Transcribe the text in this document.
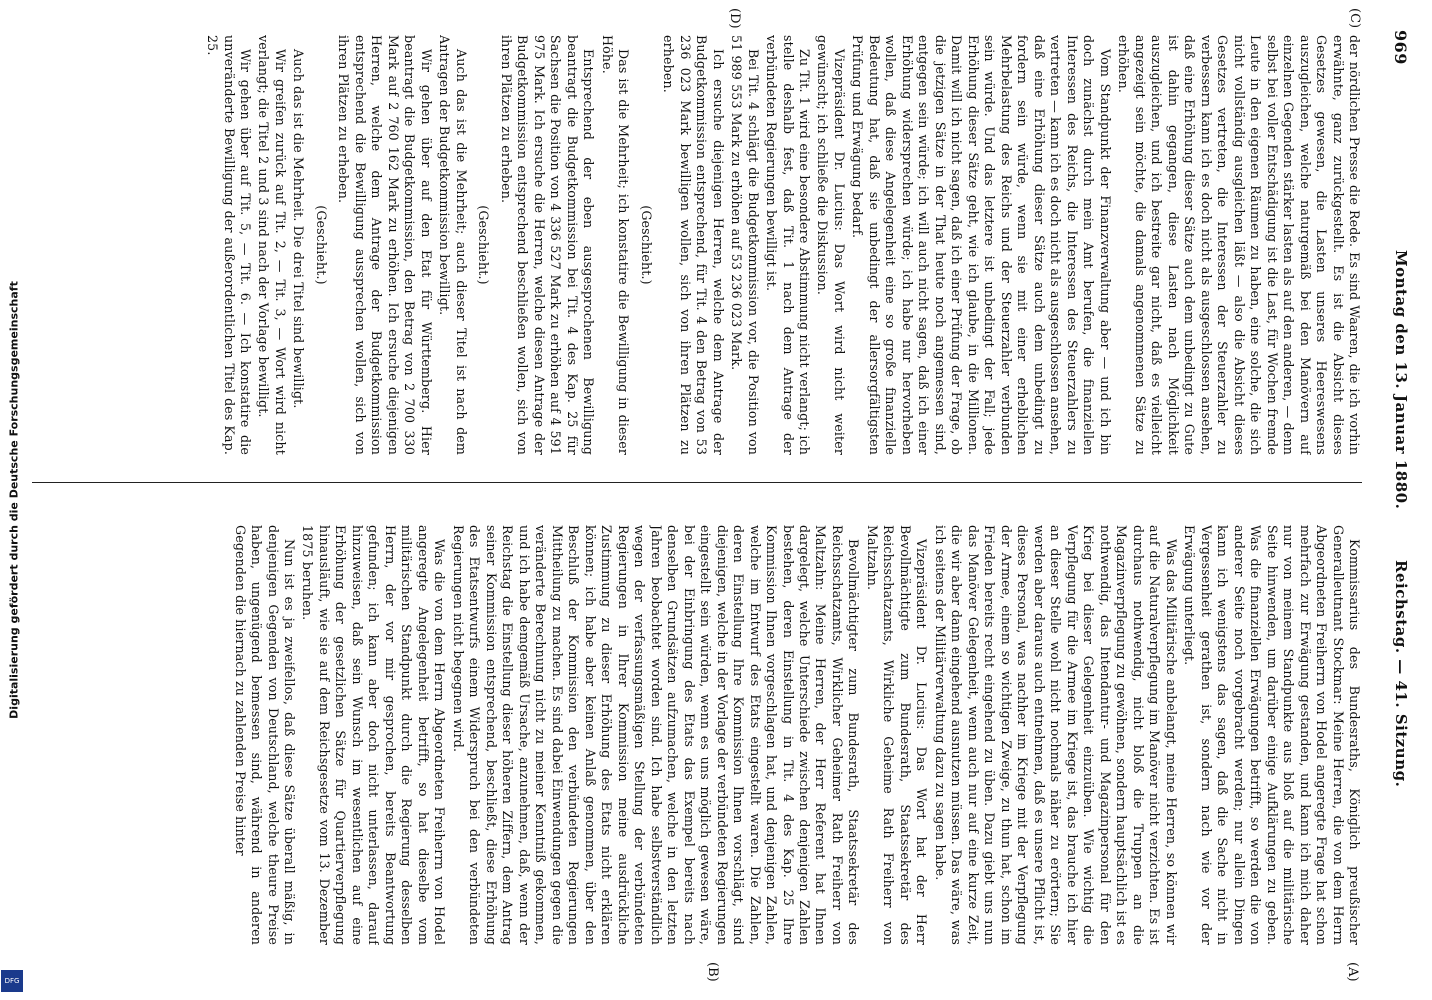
969
Montag den 13. Januar 1880.
Reichstag. — 41. Sitzung.
(C)
(D)
(A)
(B)

der nördlichen Presse die Rede. Es sind Waaren, die ich vorhin erwähnte, ganz zurückgestellt. Es ist die Absicht dieses Gesetzes gewesen, die Lasten unseres Heereswesens auszugleichen, welche naturgemäß bei den Manövern auf einzelnen Gegenden stärker lasten als auf den anderen, — denn selbst bei voller Entschädigung ist die Last, für Wochen fremde Leute in den eigenen Räumen zu haben, eine solche, die sich nicht vollständig ausgleichen läßt — also die Absicht dieses Gesetzes vertreten, die Interessen der Steuerzahler zu verbessern kann ich es doch nicht als ausgeschlossen ansehen, daß eine Erhöhung dieser Sätze auch dem unbedingt zu Gute ist dahin gegangen, diese Lasten nach Möglichkeit auszugleichen, und ich bestreite gar nicht, daß es vielleicht angezeigt sein möchte, die damals angenommenen Sätze zu erhöhen.

Vom Standpunkt der Finanzverwaltung aber — und ich bin doch zunächst durch mein Amt berufen, die finanziellen Interessen des Reichs, die Interessen des Steuerzahlers zu vertreten — kann ich es doch nicht als ausgeschlossen ansehen, daß eine Erhöhung dieser Sätze auch dem unbedingt zu fordern sein würde, wenn sie mit einer erheblichen Mehrbelastung des Reichs und der Steuerzahler verbunden sein würde. Und das letztere ist unbedingt der Fall; jede Erhöhung dieser Sätze geht, wie ich glaube, in die Millionen. Damit will ich nicht sagen, daß ich einer Prüfung der Frage, ob die jetzigen Sätze in der That heute noch angemessen sind, entgegen sein würde; ich will auch nicht sagen, daß ich einer Erhöhung widersprechen würde; ich habe nur hervorheben wollen, daß diese Angelegenheit eine so große finanzielle Bedeutung hat, daß sie unbedingt der allersorgfältigsten Prüfung und Erwägung bedarf.

Vizepräsident Dr. Lucius: Das Wort wird nicht weiter gewünscht; ich schließe die Diskussion.

Zu Tit. 1 wird eine besondere Abstimmung nicht verlangt; ich stelle deshalb fest, daß Tit. 1 nach dem Antrage der verbündeten Regierungen bewilligt ist.

Bei Tit. 4 schlägt die Budgetkommission vor, die Position von 51 989 553 Mark zu erhöhen auf 53 236 023 Mark.

Ich ersuche diejenigen Herren, welche dem Antrage der Budgetkommission entsprechend, für Tit. 4 den Betrag von 53 236 023 Mark bewilligen wollen, sich von ihren Plätzen zu erheben.

(Geschieht.)

Das ist die Mehrheit; ich konstatire die Bewilligung in dieser Höhe.

Entsprechend der eben ausgesprochenen Bewilligung beantragt die Budgetkommission bei Tit. 4 des Kap. 25 für Sachsen die Position von 4 336 527 Mark zu erhöhen auf 4 591 975 Mark. Ich ersuche die Herren, welche diesen Antrage der Budgetkommission entsprechend beschließen wollen, sich von ihren Plätzen zu erheben.

(Geschieht.)

Auch das ist die Mehrheit; auch dieser Titel ist nach dem Antragen der Budgetkommission bewilligt.

Wir gehen über auf den Etat für Württemberg. Hier beantragt die Budgetkommission, den Betrag von 2 700 330 Mark auf 2 760 162 Mark zu erhöhen. Ich ersuche diejenigen Herren, welche dem Antrage der Budgetkommission entsprechend die Bewilligung aussprechen wollen, sich von ihren Plätzen zu erheben.

(Geschieht.)

Auch das ist die Mehrheit. Die drei Titel sind bewilligt.

Wir greifen zurück auf Tit. 2, — Tit. 3, — Wort wird nicht verlangt; die Titel 2 und 3 sind nach der Vorlage bewilligt.

Wir gehen über auf Tit. 5, — Tit. 6. — Ich konstatire die unveränderte Bewilligung der außerordentlichen Titel des Kap. 25.

Kommissarius des Bundesraths, Königlich preußischer Generalleutnant Stockmar: Meine Herren, die von dem Herrn Abgeordneten Freiherrn von Hodel angeregte Frage hat schon mehrfach zur Erwägung gestanden, und kann ich mich daher nur von meinem Standpunkte aus bloß auf die militärische Seite hinwenden, um darüber einige Aufklärungen zu geben. Was die finanziellen Erwägungen betrifft, so werden die von anderer Seite noch vorgebracht werden; nur allein Dingen kann ich wenigstens das sagen, daß die Sache nicht in Vergessenheit gerathen ist, sondern nach wie vor der Erwägung unterliegt.

Was das Militärische anbelangt, meine Herren, so können wir auf die Naturalverpflegung im Manöver nicht verzichten. Es ist durchaus nothwendig, nicht bloß die Truppen an die Magazinverpflegung zu gewöhnen, sondern hauptsächlich ist es nothwendig, das Intendantur- und Magazinpersonal für den Krieg bei dieser Gelegenheit einzuüben. Wie wichtig die Verpflegung für die Armee im Kriege ist, das brauche ich hier an dieser Stelle wohl nicht nochmals näher zu erörtern; Sie werden aber daraus auch entnehmen, daß es unsere Pflicht ist, dieses Personal, was nachher im Kriege mit der Verpflegung der Armee, einem so wichtigen Zweige, zu thun hat, schon im Frieden bereits recht eingehend zu üben. Dazu giebt uns nun das Manöver Gelegenheit, wenn auch nur auf eine kurze Zeit, die wir aber dann eingehend ausnutzen müssen. Das wäre, was ich seitens der Militärverwaltung dazu zu sagen habe.

Vizepräsident Dr. Lucius: Das Wort hat der Herr Bevollmächtigte zum Bundesrath, Staatssekretär des Reichsschatzamts, Wirkliche Geheime Rath Freiherr von Maltzahn.

Bevollmächtigter zum Bundesrath, Staatssekretär des Reichsschatzamts, Wirklicher Geheimer Rath Freiherr von Maltzahn: Meine Herren, der Herr Referent hat Ihnen dargelegt, welche Unterschiede zwischen denjenigen Zahlen bestehen, deren Einstellung in Tit. 4 des Kap. 25 Ihre Kommission Ihnen vorgeschlagen hat, und denjenigen Zahlen, welche im Entwurf des Etats eingestellt waren. Die Zahlen, deren Einstellung Ihre Kommission Ihnen vorschlägt, sind diejenigen, welche in der Vorlage der verbündeten Regierungen eingestellt sein würden, wenn es uns möglich gewesen wäre, bei der Einbringung des Etats das Exempel bereits nach denselben Grundsätzen aufzumachen, welche in den letzten Jahren beobachtet worden sind. Ich habe selbstverständlich wegen der verfassungsmäßigen Stellung der verbündeten Regierungen in Ihrer Kommission meine ausdrückliche Zustimmung zu dieser Erhöhung des Etats nicht erklären können; ich habe aber keinen Anlaß genommen, über den Beschluß der Kommission den verbündeten Regierungen Mittheilung zu machen. Es sind dabei Einwendungen gegen die veränderte Berechnung nicht zu meiner Kenntniß gekommen, und ich habe demgemäß Ursache, anzunehmen, daß, wenn der Reichstag die Einstellung dieser höheren Ziffern, dem Antrag seiner Kommission entsprechend, beschließt, diese Erhöhung des Etatsentwurfs einem Widerspruch bei den verbündeten Regierungen nicht begegnen wird.

Was die von dem Herrn Abgeordneten Freiherrn von Hodel angeregte Angelegenheit betrifft, so hat dieselbe vom militärischen Standpunkt durch die Regierung desselben Herrn, der vor mir gesprochen, bereits Beantwortung gefunden; ich kann aber doch nicht unterlassen, darauf hinzuweisen, daß sein Wunsch im wesentlichen auf eine Erhöhung der gesetzlichen Sätze für Quartierverpflegung hinausläuft, wie sie auf dem Reichsgesetze vom 13. Dezember 1875 beruhen.

Nun ist es ja zweifellos, daß diese Sätze überall mäßig, in denjenigen Gegenden von Deutschland, welche theure Preise haben, ungenügend bemessen sind, während in anderen Gegenden die hiernach zu zahlenden Preise hinter

Digitalisierung gefördert durch die Deutsche Forschungsgemeinschaft
DFG
